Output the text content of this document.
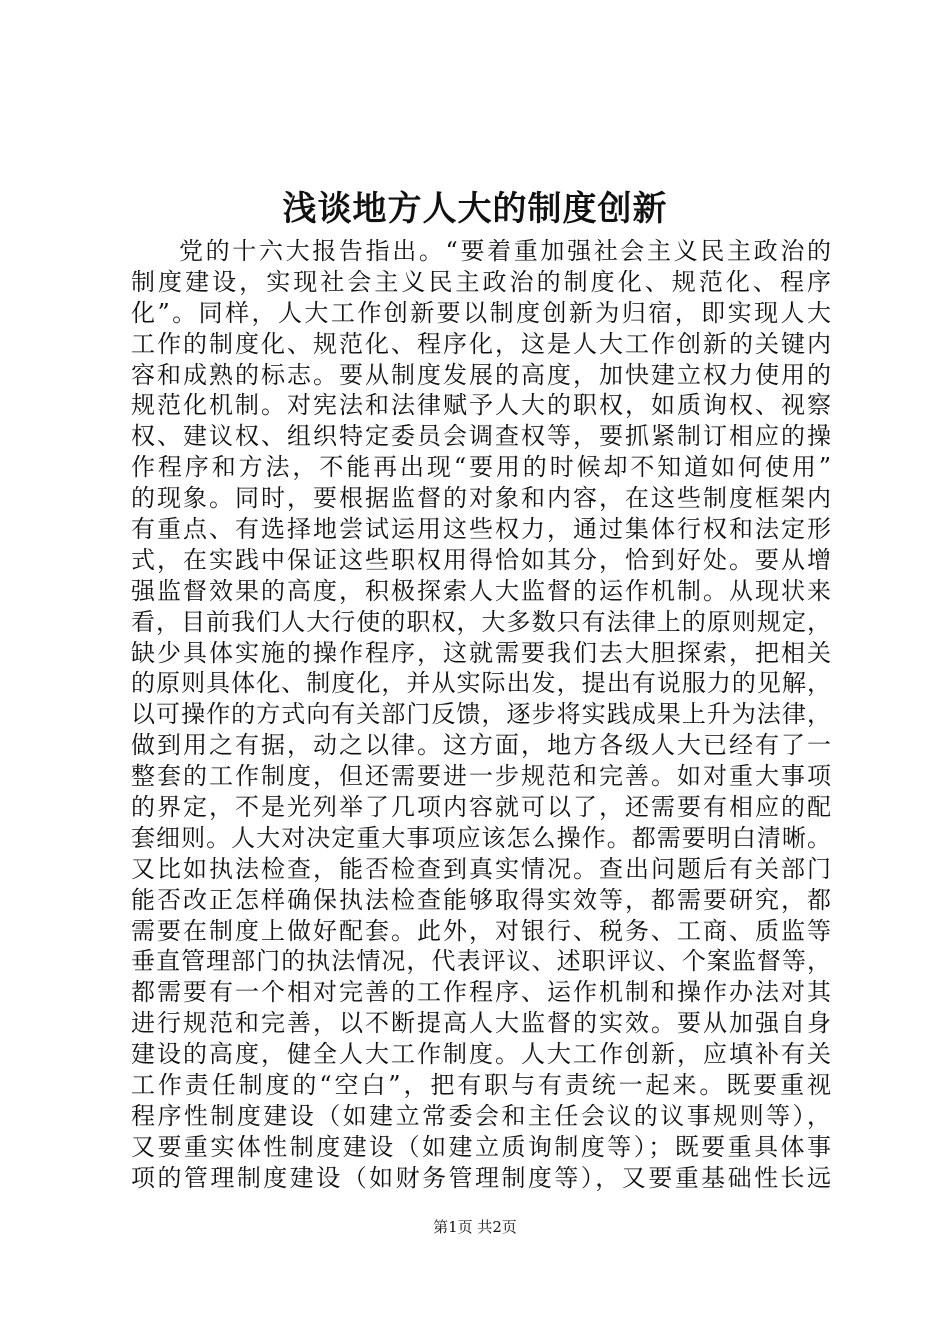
浅谈地方人大的制度创新
党的十六大报告指出。“要着重加强社会主义民主政治的
制度建设，实现社会主义民主政治的制度化、规范化、程序
化”。同样，人大工作创新要以制度创新为归宿，即实现人大
工作的制度化、规范化、程序化，这是人大工作创新的关键内
容和成熟的标志。要从制度发展的高度，加快建立权力使用的
规范化机制。对宪法和法律赋予人大的职权，如质询权、视察
权、建议权、组织特定委员会调查权等，要抓紧制订相应的操
作程序和方法，不能再出现“要用的时候却不知道如何使用”
的现象。同时，要根据监督的对象和内容，在这些制度框架内
有重点、有选择地尝试运用这些权力，通过集体行权和法定形
式，在实践中保证这些职权用得恰如其分，恰到好处。要从增
强监督效果的高度，积极探索人大监督的运作机制。从现状来
看，目前我们人大行使的职权，大多数只有法律上的原则规定，
缺少具体实施的操作程序，这就需要我们去大胆探索，把相关
的原则具体化、制度化，并从实际出发，提出有说服力的见解，
以可操作的方式向有关部门反馈，逐步将实践成果上升为法律，
做到用之有据，动之以律。这方面，地方各级人大已经有了一
整套的工作制度，但还需要进一步规范和完善。如对重大事项
的界定，不是光列举了几项内容就可以了，还需要有相应的配
套细则。人大对决定重大事项应该怎么操作。都需要明白清晰。
又比如执法检查，能否检查到真实情况。查出问题后有关部门
能否改正怎样确保执法检查能够取得实效等，都需要研究，都
需要在制度上做好配套。此外，对银行、税务、工商、质监等
垂直管理部门的执法情况，代表评议、述职评议、个案监督等，
都需要有一个相对完善的工作程序、运作机制和操作办法对其
进行规范和完善，以不断提高人大监督的实效。要从加强自身
建设的高度，健全人大工作制度。人大工作创新，应填补有关
工作责任制度的“空白”，把有职与有责统一起来。既要重视
程序性制度建设（如建立常委会和主任会议的议事规则等），
又要重实体性制度建设（如建立质询制度等）；既要重具体事
项的管理制度建设（如财务管理制度等），又要重基础性长远
第1页 共2页
